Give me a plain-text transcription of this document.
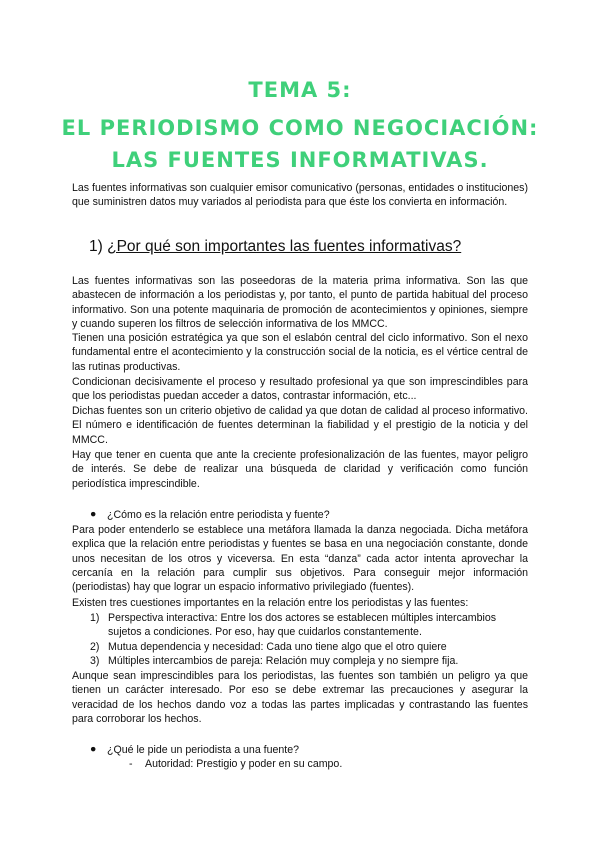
TEMA 5:
EL PERIODISMO COMO NEGOCIACIÓN:
LAS FUENTES INFORMATIVAS.

Las fuentes informativas son cualquier emisor comunicativo (personas, entidades o instituciones) que suministren datos muy variados al periodista para que éste los convierta en información.

1) ¿Por qué son importantes las fuentes informativas?

Las fuentes informativas son las poseedoras de la materia prima informativa. Son las que abastecen de información a los periodistas y, por tanto, el punto de partida habitual del proceso informativo. Son una potente maquinaria de promoción de acontecimientos y opiniones, siempre y cuando superen los filtros de selección informativa de los MMCC.

Tienen una posición estratégica ya que son el eslabón central del ciclo informativo. Son el nexo fundamental entre el acontecimiento y la construcción social de la noticia, es el vértice central de las rutinas productivas.

Condicionan decisivamente el proceso y resultado profesional ya que son imprescindibles para que los periodistas puedan acceder a datos, contrastar información, etc...

Dichas fuentes son un criterio objetivo de calidad ya que dotan de calidad al proceso informativo. El número e identificación de fuentes determinan la fiabilidad y el prestigio de la noticia y del MMCC.

Hay que tener en cuenta que ante la creciente profesionalización de las fuentes, mayor peligro de interés. Se debe de realizar una búsqueda de claridad y verificación como función periodística imprescindible.

● ¿Cómo es la relación entre periodista y fuente?

Para poder entenderlo se establece una metáfora llamada la danza negociada. Dicha metáfora explica que la relación entre periodistas y fuentes se basa en una negociación constante, donde unos necesitan de los otros y viceversa. En esta “danza” cada actor intenta aprovechar la cercanía en la relación para cumplir sus objetivos. Para conseguir mejor información (periodistas) hay que lograr un espacio informativo privilegiado (fuentes).

Existen tres cuestiones importantes en la relación entre los periodistas y las fuentes:

1) Perspectiva interactiva: Entre los dos actores se establecen múltiples intercambios
sujetos a condiciones. Por eso, hay que cuidarlos constantemente.
2) Mutua dependencia y necesidad: Cada uno tiene algo que el otro quiere
3) Múltiples intercambios de pareja: Relación muy compleja y no siempre fija.

Aunque sean imprescindibles para los periodistas, las fuentes son también un peligro ya que tienen un carácter interesado. Por eso se debe extremar las precauciones y asegurar la veracidad de los hechos dando voz a todas las partes implicadas y contrastando las fuentes para corroborar los hechos.

● ¿Qué le pide un periodista a una fuente?
- Autoridad: Prestigio y poder en su campo.
